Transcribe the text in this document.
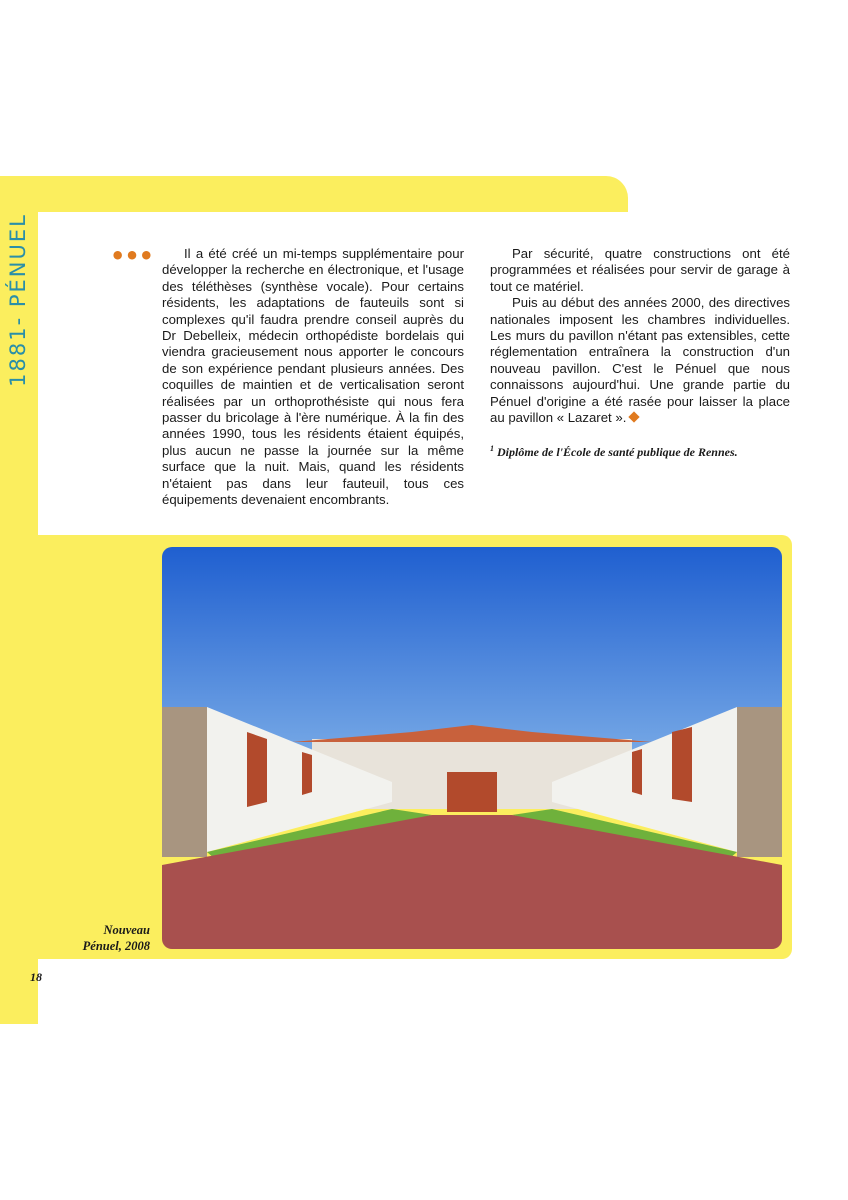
1881- PÉNUEL	•••	Il a été créé un mi-temps supplémentaire pour développer la recherche en électronique, et l'usage des téléthèses (synthèse vocale). Pour certains résidents, les adaptations de fauteuils sont si complexes qu'il faudra prendre conseil auprès du Dr Debelleix, médecin orthopédiste bordelais qui viendra gracieusement nous apporter le concours de son expérience pendant plusieurs années. Des coquilles de maintien et de verticalisation seront réalisées par un orthoprothésiste qui nous fera passer du bricolage à l'ère numérique. À la fin des années 1990, tous les résidents étaient équipés, plus aucun ne passe la journée sur la même surface que la nuit. Mais, quand les résidents n'étaient pas dans leur fauteuil, tous ces équipements devenaient encombrants.

Par sécurité, quatre constructions ont été programmées et réalisées pour servir de garage à tout ce matériel.

Puis au début des années 2000, des directives nationales imposent les chambres individuelles. Les murs du pavillon n'étant pas extensibles, cette réglementation entraînera la construction d'un nouveau pavillon. C'est le Pénuel que nous connaissons aujourd'hui. Une grande partie du Pénuel d'origine a été rasée pour laisser la place au pavillon « Lazaret ».

$^1$ Diplôme de l'École de santé publique de Rennes.
Nouveau
Pénuel, 2008
18
